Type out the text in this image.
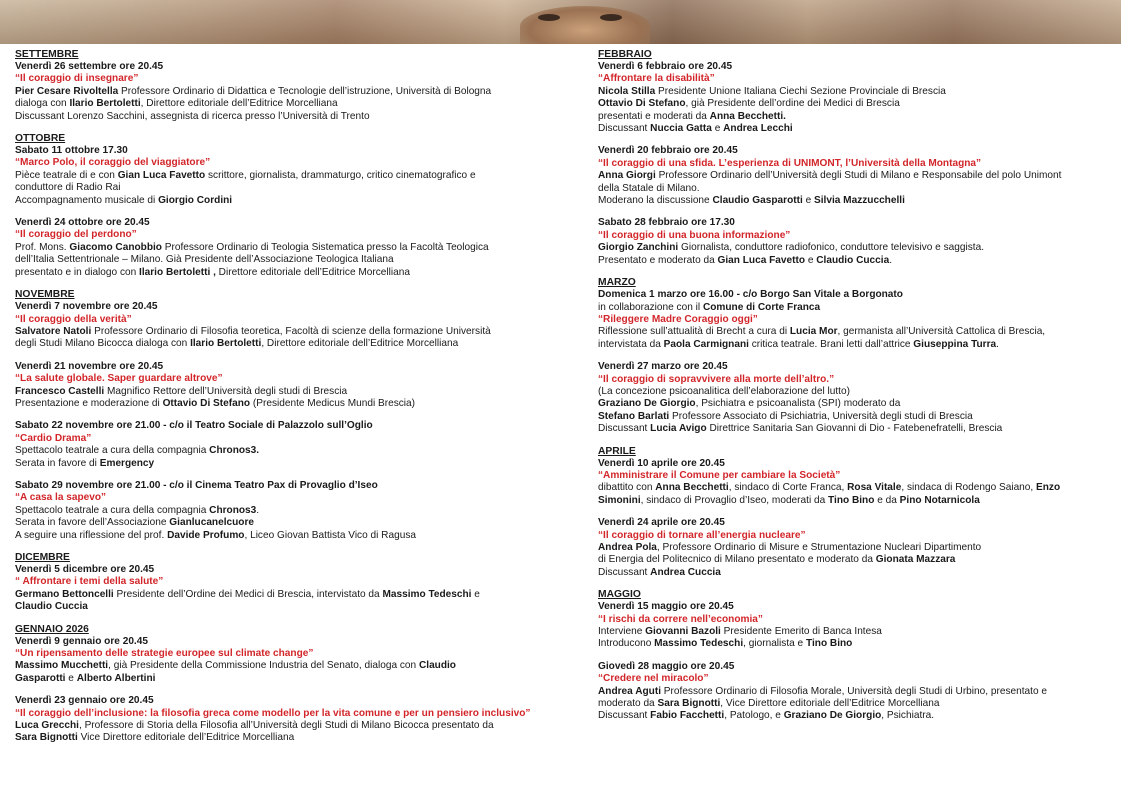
SETTEMBRE

Venerdì 26 settembre ore 20.45

“Il coraggio di insegnare”

Pier Cesare Rivoltella Professore Ordinario di Didattica e Tecnologie dell’istruzione, Università di Bologna

dialoga con Ilario Bertoletti, Direttore editoriale dell’Editrice Morcelliana

Discussant Lorenzo Sacchini, assegnista di ricerca presso l’Università di Trento

OTTOBRE

Sabato 11 ottobre 17.30

“Marco Polo, il coraggio del viaggiatore”

Pièce teatrale di e con Gian Luca Favetto scrittore, giornalista, drammaturgo, critico cinematografico e

conduttore di Radio Rai

Accompagnamento musicale di Giorgio Cordini

Venerdì 24 ottobre ore 20.45

“Il coraggio del perdono”

Prof. Mons. Giacomo Canobbio Professore Ordinario di Teologia Sistematica presso la Facoltà Teologica

dell’Italia Settentrionale – Milano. Già Presidente dell’Associazione Teologica Italiana

presentato e in dialogo con Ilario Bertoletti , Direttore editoriale dell’Editrice Morcelliana

NOVEMBRE

Venerdì 7 novembre ore 20.45

“Il coraggio della verità”

Salvatore Natoli Professore Ordinario di Filosofia teoretica, Facoltà di scienze della formazione Università

degli Studi Milano Bicocca dialoga con Ilario Bertoletti, Direttore editoriale dell’Editrice Morcelliana

Venerdì 21 novembre ore 20.45

“La salute globale. Saper guardare altrove”

Francesco Castelli Magnifico Rettore dell’Università degli studi di Brescia

Presentazione e moderazione di Ottavio Di Stefano (Presidente Medicus Mundi Brescia)

Sabato 22 novembre ore 21.00 - c/o il Teatro Sociale di Palazzolo sull’Oglio

“Cardio Drama”

Spettacolo teatrale a cura della compagnia Chronos3.

Serata in favore di Emergency

Sabato 29 novembre ore 21.00 - c/o il Cinema Teatro Pax di Provaglio d’Iseo

“A casa la sapevo”

Spettacolo teatrale a cura della compagnia Chronos3.

Serata in favore dell’Associazione Gianlucanelcuore

A seguire una riflessione del prof. Davide Profumo, Liceo Giovan Battista Vico di Ragusa

DICEMBRE

Venerdì 5 dicembre ore 20.45

“ Affrontare i temi della salute”

Germano Bettoncelli Presidente dell’Ordine dei Medici di Brescia, intervistato da Massimo Tedeschi e

Claudio Cuccia

GENNAIO 2026

Venerdì 9 gennaio ore 20.45

“Un ripensamento delle strategie europee sul climate change”

Massimo Mucchetti, già Presidente della Commissione Industria del Senato, dialoga con Claudio

Gasparotti e Alberto Albertini

Venerdì 23 gennaio ore 20.45

“Il coraggio dell’inclusione: la filosofia greca come modello per la vita comune e per un pensiero inclusivo”

Luca Grecchi, Professore di Storia della Filosofia all’Università degli Studi di Milano Bicocca presentato da

Sara Bignotti Vice Direttore editoriale dell’Editrice Morcelliana

FEBBRAIO

Venerdì 6 febbraio ore 20.45

“Affrontare la disabilità”

Nicola Stilla Presidente Unione Italiana Ciechi Sezione Provinciale di Brescia

Ottavio Di Stefano, già Presidente dell’ordine dei Medici di Brescia

presentati e moderati da Anna Becchetti.

Discussant Nuccia Gatta e Andrea Lecchi

Venerdì 20 febbraio ore 20.45

“Il coraggio di una sfida. L’esperienza di UNIMONT, l’Università della Montagna”

Anna Giorgi Professore Ordinario dell’Università degli Studi di Milano e Responsabile del polo Unimont

della Statale di Milano.

Moderano la discussione Claudio Gasparotti e Silvia Mazzucchelli

Sabato 28 febbraio ore 17.30

“Il coraggio di una buona informazione”

Giorgio Zanchini Giornalista, conduttore radiofonico, conduttore televisivo e saggista.

Presentato e moderato da Gian Luca Favetto e Claudio Cuccia.

MARZO

Domenica 1 marzo ore 16.00 - c/o Borgo San Vitale a Borgonato

in collaborazione con il Comune di Corte Franca

“Rileggere Madre Coraggio oggi”

Riflessione sull’attualità di Brecht a cura di Lucia Mor, germanista all’Università Cattolica di Brescia,

intervistata da Paola Carmignani critica teatrale. Brani letti dall’attrice Giuseppina Turra.

Venerdì 27 marzo ore 20.45

“Il coraggio di sopravvivere alla morte dell’altro.”

(La concezione psicoanalitica dell’elaborazione del lutto)

Graziano De Giorgio, Psichiatra e psicoanalista (SPI) moderato da

Stefano Barlati Professore Associato di Psichiatria, Università degli studi di Brescia

Discussant Lucia Avigo Direttrice Sanitaria San Giovanni di Dio - Fatebenefratelli, Brescia

APRILE

Venerdì 10 aprile ore 20.45

“Amministrare il Comune per cambiare la Società”

dibattito con Anna Becchetti, sindaco di Corte Franca, Rosa Vitale, sindaca di Rodengo Saiano, Enzo

Simonini, sindaco di Provaglio d’Iseo, moderati da Tino Bino e da Pino Notarnicola

Venerdì 24 aprile ore 20.45

“Il coraggio di tornare all’energia nucleare”

Andrea Pola, Professore Ordinario di Misure e Strumentazione Nucleari Dipartimento

di Energia del Politecnico di Milano presentato e moderato da Gionata Mazzara

Discussant Andrea Cuccia

MAGGIO

Venerdì 15 maggio ore 20.45

“I rischi da correre nell’economia”

Interviene Giovanni Bazoli Presidente Emerito di Banca Intesa

Introducono Massimo Tedeschi, giornalista e Tino Bino

Giovedì 28 maggio ore 20.45

“Credere nel miracolo”

Andrea Aguti Professore Ordinario di Filosofia Morale, Università degli Studi di Urbino, presentato e

moderato da Sara Bignotti, Vice Direttore editoriale dell’Editrice Morcelliana

Discussant Fabio Facchetti, Patologo, e Graziano De Giorgio, Psichiatra.
